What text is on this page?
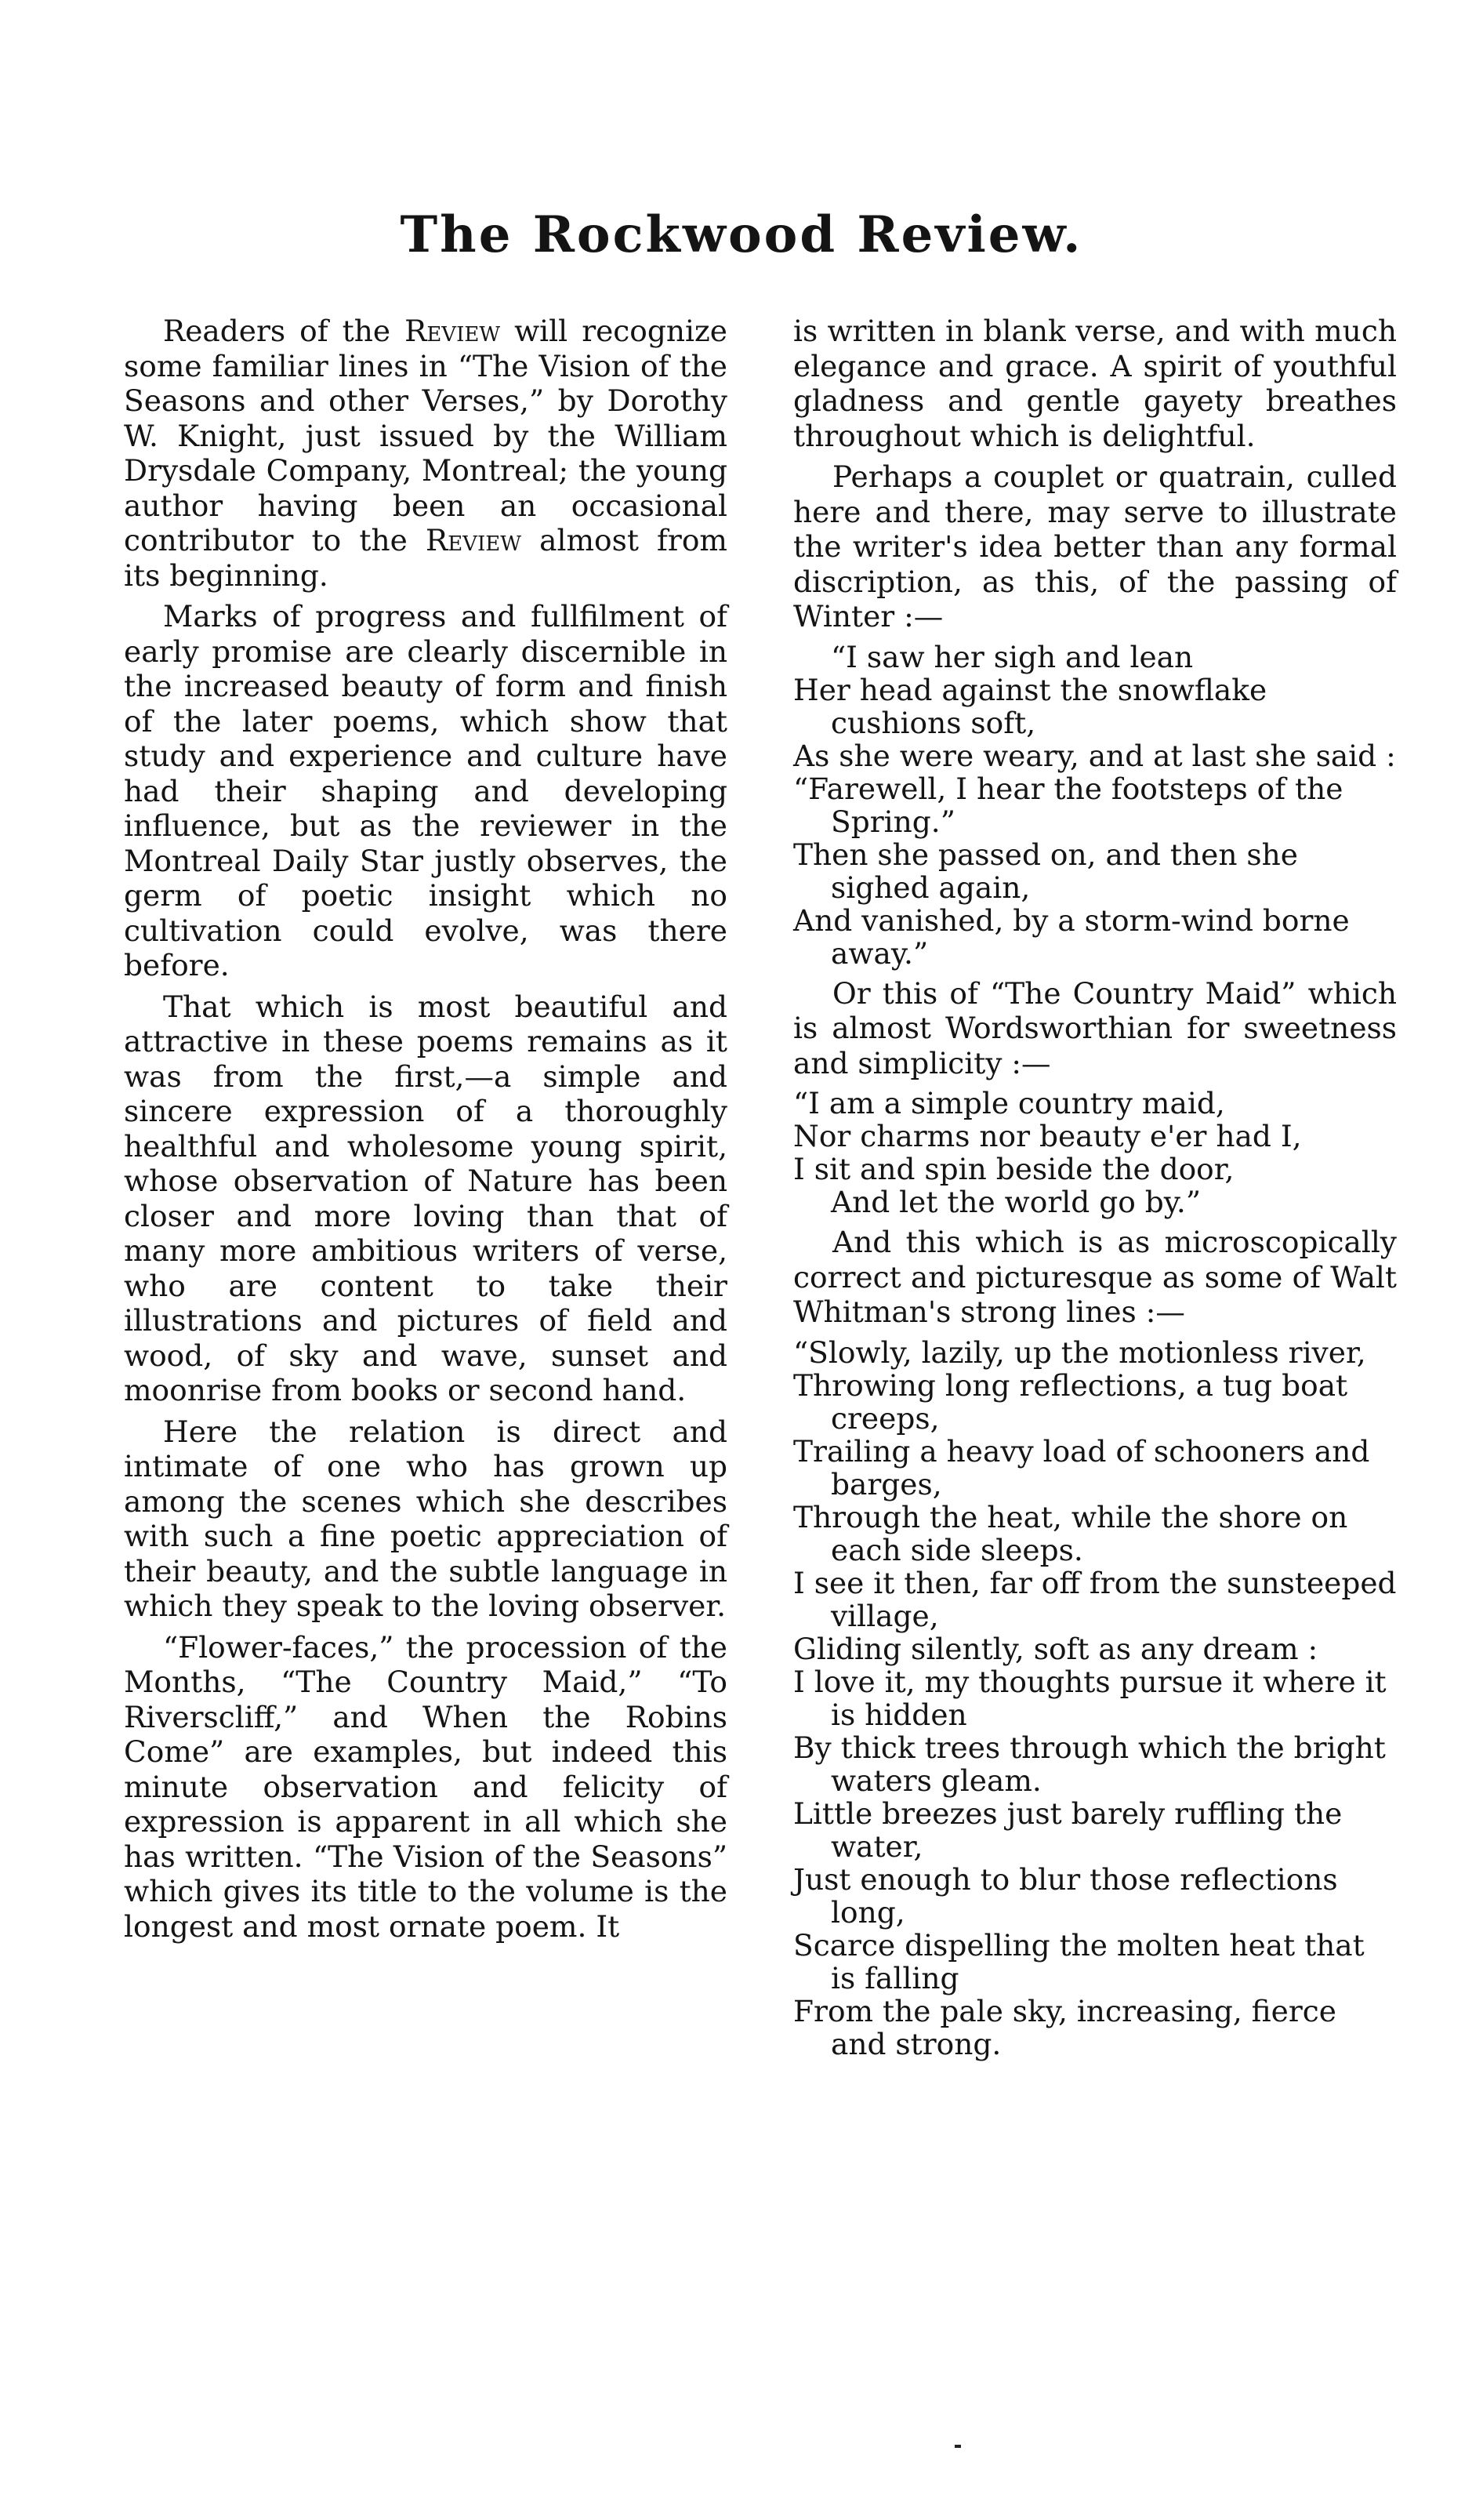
The Rockwood Review.

Readers of the Review will recognize some familiar lines in “The Vision of the Seasons and other Verses,” by Dorothy W. Knight, just issued by the William Drysdale Company, Montreal; the young author having been an occasional contributor to the Review almost from its beginning.

Marks of progress and fullfilment of early promise are clearly discernible in the increased beauty of form and finish of the later poems, which show that study and experience and culture have had their shaping and developing influence, but as the reviewer in the Montreal Daily Star justly observes, the germ of poetic insight which no cultivation could evolve, was there before.

That which is most beautiful and attractive in these poems remains as it was from the first,—a simple and sincere expression of a thoroughly healthful and wholesome young spirit, whose observation of Nature has been closer and more loving than that of many more ambitious writers of verse, who are content to take their illustrations and pictures of field and wood, of sky and wave, sunset and moonrise from books or second hand.

Here the relation is direct and intimate of one who has grown up among the scenes which she describes with such a fine poetic appreciation of their beauty, and the subtle language in which they speak to the loving observer.

“Flower-faces,” the procession of the Months, “The Country Maid,” “To Riverscliff,” and When the Robins Come” are examples, but indeed this minute observation and felicity of expression is apparent in all which she has written. “The Vision of the Seasons” which gives its title to the volume is the longest and most ornate poem. It

is written in blank verse, and with much elegance and grace. A spirit of youthful gladness and gentle gayety breathes throughout which is delightful.

Perhaps a couplet or quatrain, culled here and there, may serve to illustrate the writer's idea better than any formal discription, as this, of the passing of Winter :—

“I saw her sigh and lean

Her head against the snowflake cushions soft,

As she were weary, and at last she said :

“Farewell, I hear the footsteps of the Spring.”

Then she passed on, and then she sighed again,

And vanished, by a storm-wind borne away.”

Or this of “The Country Maid” which is almost Wordsworthian for sweetness and simplicity :—

“I am a simple country maid,

Nor charms nor beauty e'er had I,

I sit and spin beside the door,

And let the world go by.”

And this which is as microscopically correct and picturesque as some of Walt Whitman's strong lines :—

“Slowly, lazily, up the motionless river,

Throwing long reflections, a tug boat creeps,

Trailing a heavy load of schooners and barges,

Through the heat, while the shore on each side sleeps.

I see it then, far off from the sunsteeped village,

Gliding silently, soft as any dream :

I love it, my thoughts pursue it where it is hidden

By thick trees through which the bright waters gleam.

Little breezes just barely ruffling the water,

Just enough to blur those reflections long,

Scarce dispelling the molten heat that is falling

From the pale sky, increasing, fierce and strong.
